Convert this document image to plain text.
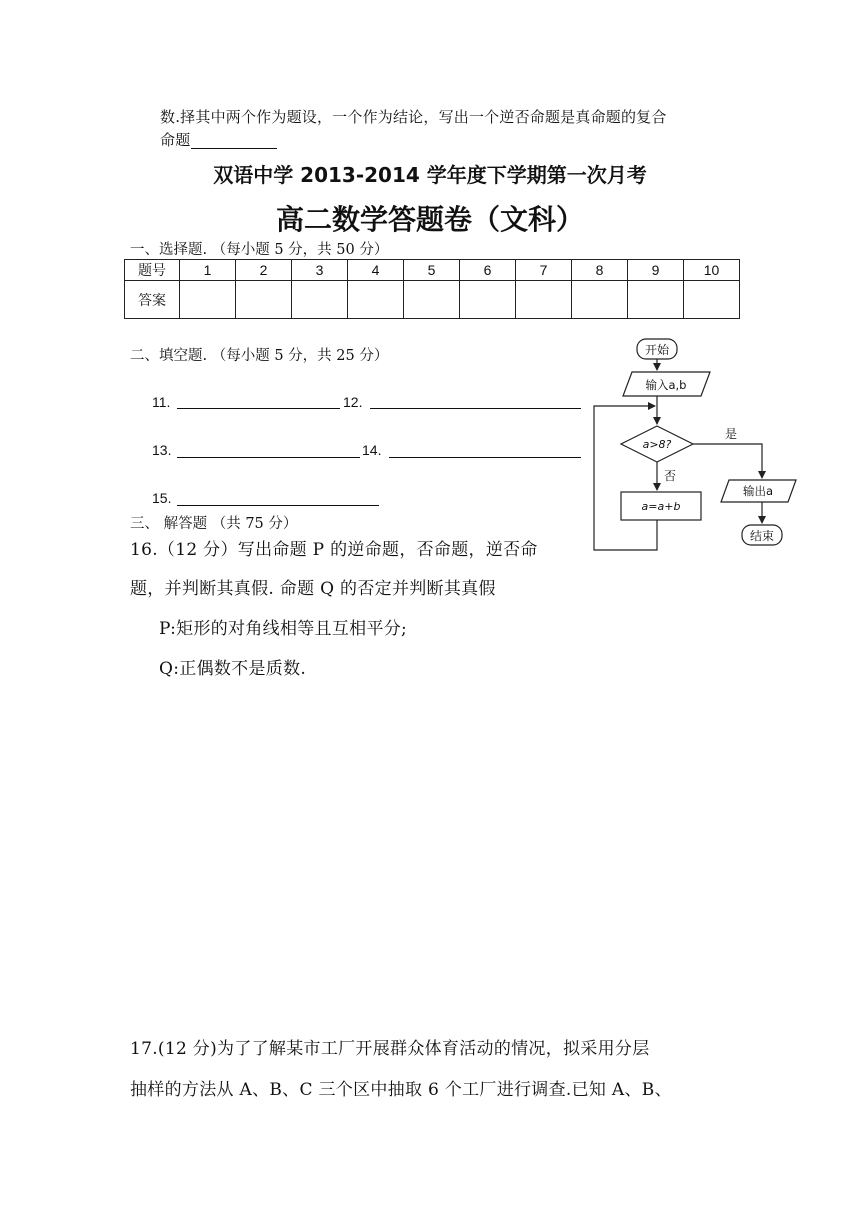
数.择其中两个作为题设，一个作为结论，写出一个逆否命题是真命题的复合
命题
双语中学 2013-2014 学年度下学期第一次月考
高二数学答题卷（文科）
一、选择题. （每小题 5 分，共 50 分）
题号	1	2	3	4	5	6	7	8	9	10
答案										
二、填空题. （每小题 5 分，共 25 分）
11.	12.
13.	14.
15.
三、 解答题 （共 75 分）
16.（12 分）写出命题 P 的逆命题，否命题，逆否命
题，并判断其真假. 命题 Q 的否定并判断其真假
P:矩形的对角线相等且互相平分;
Q:正偶数不是质数.
17.(12 分)为了了解某市工厂开展群众体育活动的情况，拟采用分层
抽样的方法从 A、B、C 三个区中抽取 6 个工厂进行调查.已知 A、B、
开始
输入a,b
a>8?
是
否
a=a+b
输出a
结束
